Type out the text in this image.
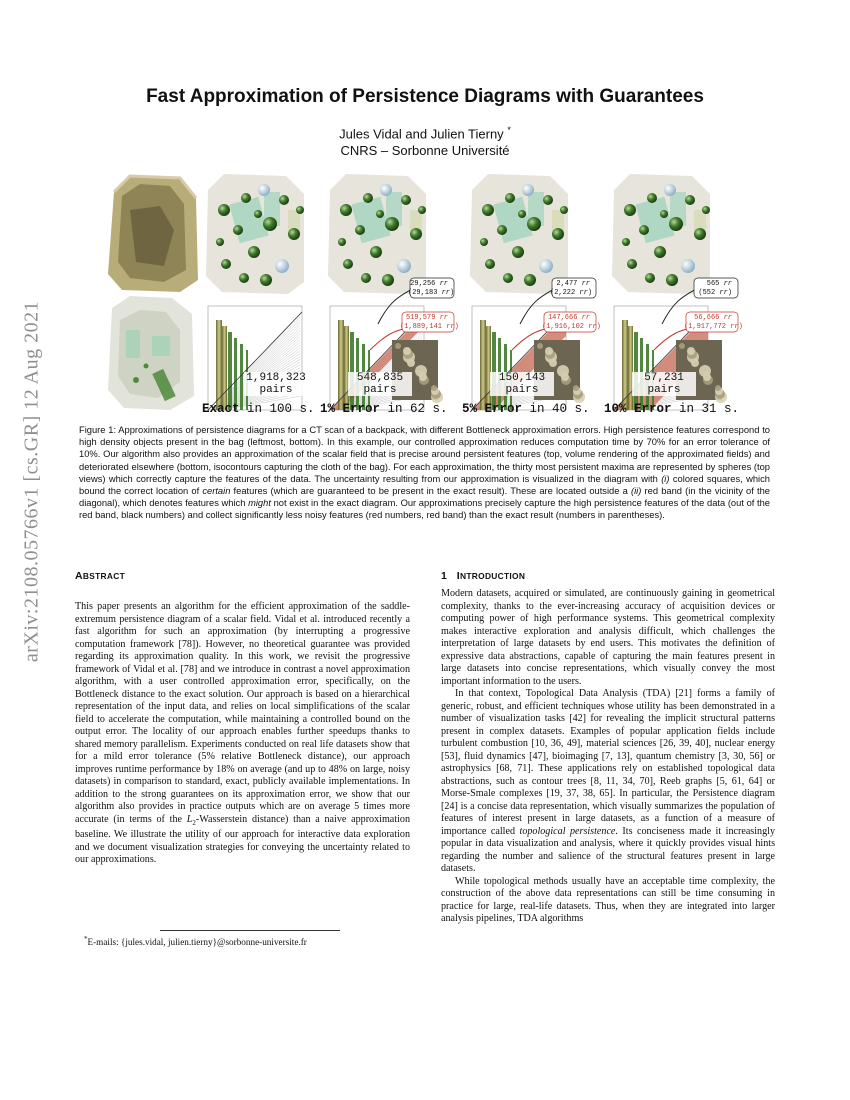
arXiv:2108.05766v1 [cs.GR] 12 Aug 2021
Fast Approximation of Persistence Diagrams with Guarantees
Jules Vidal and Julien Tierny *
CNRS – Sorbonne Université
1,918,323
pairs
Exact in 100 s.
548,835
pairs
1% Error in 62 s.
29,256 rr
(29,183 rr
519,579 rr
(1,889,141 rr)
150,143
pairs
5% Error in 40 s.
2,477 rr
(2,222 rr)
147,666 rr
(1,916,102 rr)
57,231
pairs
10% Error in 31 s.
565 rr
(552 rr)
56,666 rr
(1,917,772 rr)
Figure 1: Approximations of persistence diagrams for a CT scan of a backpack, with different Bottleneck approximation errors. High persistence features correspond to high density objects present in the bag (leftmost, bottom). In this example, our controlled approximation reduces computation time by 70% for an error tolerance of 10%. Our algorithm also provides an approximation of the scalar field that is precise around persistent features (top, volume rendering of the approximated fields) and deteriorated elsewhere (bottom, isocontours capturing the cloth of the bag). For each approximation, the thirty most persistent maxima are represented by spheres (top views) which correctly capture the features of the data. The uncertainty resulting from our approximation is visualized in the diagram with (i) colored squares, which bound the correct location of certain features (which are guaranteed to be present in the exact result). These are located outside a (ii) red band (in the vicinity of the diagonal), which denotes features which might not exist in the exact diagram. Our approximations precisely capture the high persistence features of the data (out of the red band, black numbers) and collect significantly less noisy features (red numbers, red band) than the exact result (numbers in parentheses).
ABSTRACT

This paper presents an algorithm for the efficient approximation of the saddle-extremum persistence diagram of a scalar field. Vidal et al. introduced recently a fast algorithm for such an approximation (by interrupting a progressive computation framework [78]). However, no theoretical guarantee was provided regarding its approximation quality. In this work, we revisit the progressive framework of Vidal et al. [78] and we introduce in contrast a novel approximation algorithm, with a user controlled approximation error, specifically, on the Bottleneck distance to the exact solution. Our approach is based on a hierarchical representation of the input data, and relies on local simplifications of the scalar field to accelerate the computation, while maintaining a controlled bound on the output error. The locality of our approach enables further speedups thanks to shared memory parallelism. Experiments conducted on real life datasets show that for a mild error tolerance (5% relative Bottleneck distance), our approach improves runtime performance by 18% on average (and up to 48% on large, noisy datasets) in comparison to standard, exact, publicly available implementations. In addition to the strong guarantees on its approximation error, we show that our algorithm also provides in practice outputs which are on average 5 times more accurate (in terms of the $L_2$-Wasserstein distance) than a naive approximation baseline. We illustrate the utility of our approach for interactive data exploration and we document visualization strategies for conveying the uncertainty related to our approximations.

*E-mails: {jules.vidal, julien.tierny}@sorbonne-universite.fr
1 INTRODUCTION

Modern datasets, acquired or simulated, are continuously gaining in geometrical complexity, thanks to the ever-increasing accuracy of acquisition devices or computing power of high performance systems. This geometrical complexity makes interactive exploration and analysis difficult, which challenges the interpretation of large datasets by end users. This motivates the definition of expressive data abstractions, capable of capturing the main features present in large datasets into concise representations, which visually convey the most important information to the users.

In that context, Topological Data Analysis (TDA) [21] forms a family of generic, robust, and efficient techniques whose utility has been demonstrated in a number of visualization tasks [42] for revealing the implicit structural patterns present in complex datasets. Examples of popular application fields include turbulent combustion [10, 36, 49], material sciences [26, 39, 40], nuclear energy [53], fluid dynamics [47], bioimaging [7, 13], quantum chemistry [3, 30, 56] or astrophysics [68, 71]. These applications rely on established topological data abstractions, such as contour trees [8, 11, 34, 70], Reeb graphs [5, 61, 64] or Morse-Smale complexes [19, 37, 38, 65]. In particular, the Persistence diagram [24] is a concise data representation, which visually summarizes the population of features of interest present in large datasets, as a function of a measure of importance called topological persistence. Its conciseness made it increasingly popular in data visualization and analysis, where it quickly provides visual hints regarding the number and salience of the structural features present in large datasets.

While topological methods usually have an acceptable time complexity, the construction of the above data representations can still be time consuming in practice for large, real-life datasets. Thus, when they are integrated into larger analysis pipelines, TDA algorithms
